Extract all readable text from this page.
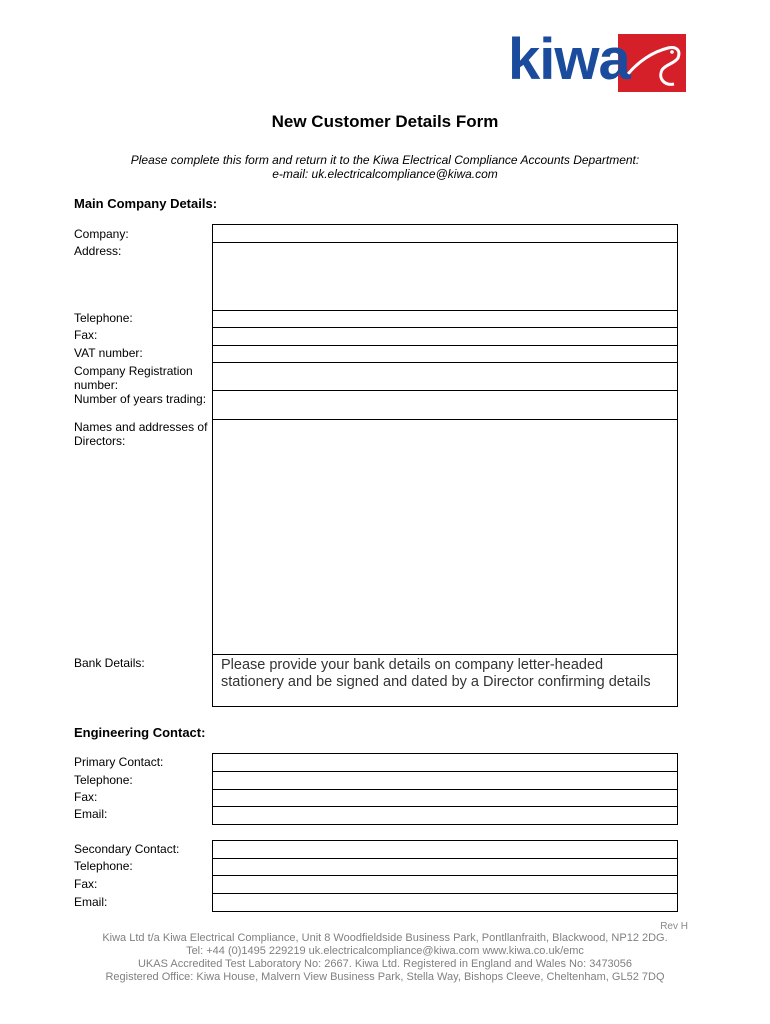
kiwa
New Customer Details Form
Please complete this form and return it to the Kiwa Electrical Compliance Accounts Department:
e-mail: uk.electricalcompliance@kiwa.com
Main Company Details:
Company:
Address:
Telephone:
Fax:
VAT number:
Company Registration number:
Number of years trading:
Names and addresses of Directors:
Bank Details:	Please provide your bank details on company letter-headed stationery and be signed and dated by a Director confirming details
Engineering Contact:
Primary Contact:
Telephone:
Fax:
Email:
Secondary Contact:
Telephone:
Fax:
Email:
Rev H
Kiwa Ltd t/a Kiwa Electrical Compliance, Unit 8 Woodfieldside Business Park, Pontllanfraith, Blackwood, NP12 2DG.
Tel: +44 (0)1495 229219 uk.electricalcompliance@kiwa.com www.kiwa.co.uk/emc
UKAS Accredited Test Laboratory No: 2667. Kiwa Ltd. Registered in England and Wales No: 3473056
Registered Office: Kiwa House, Malvern View Business Park, Stella Way, Bishops Cleeve, Cheltenham, GL52 7DQ
